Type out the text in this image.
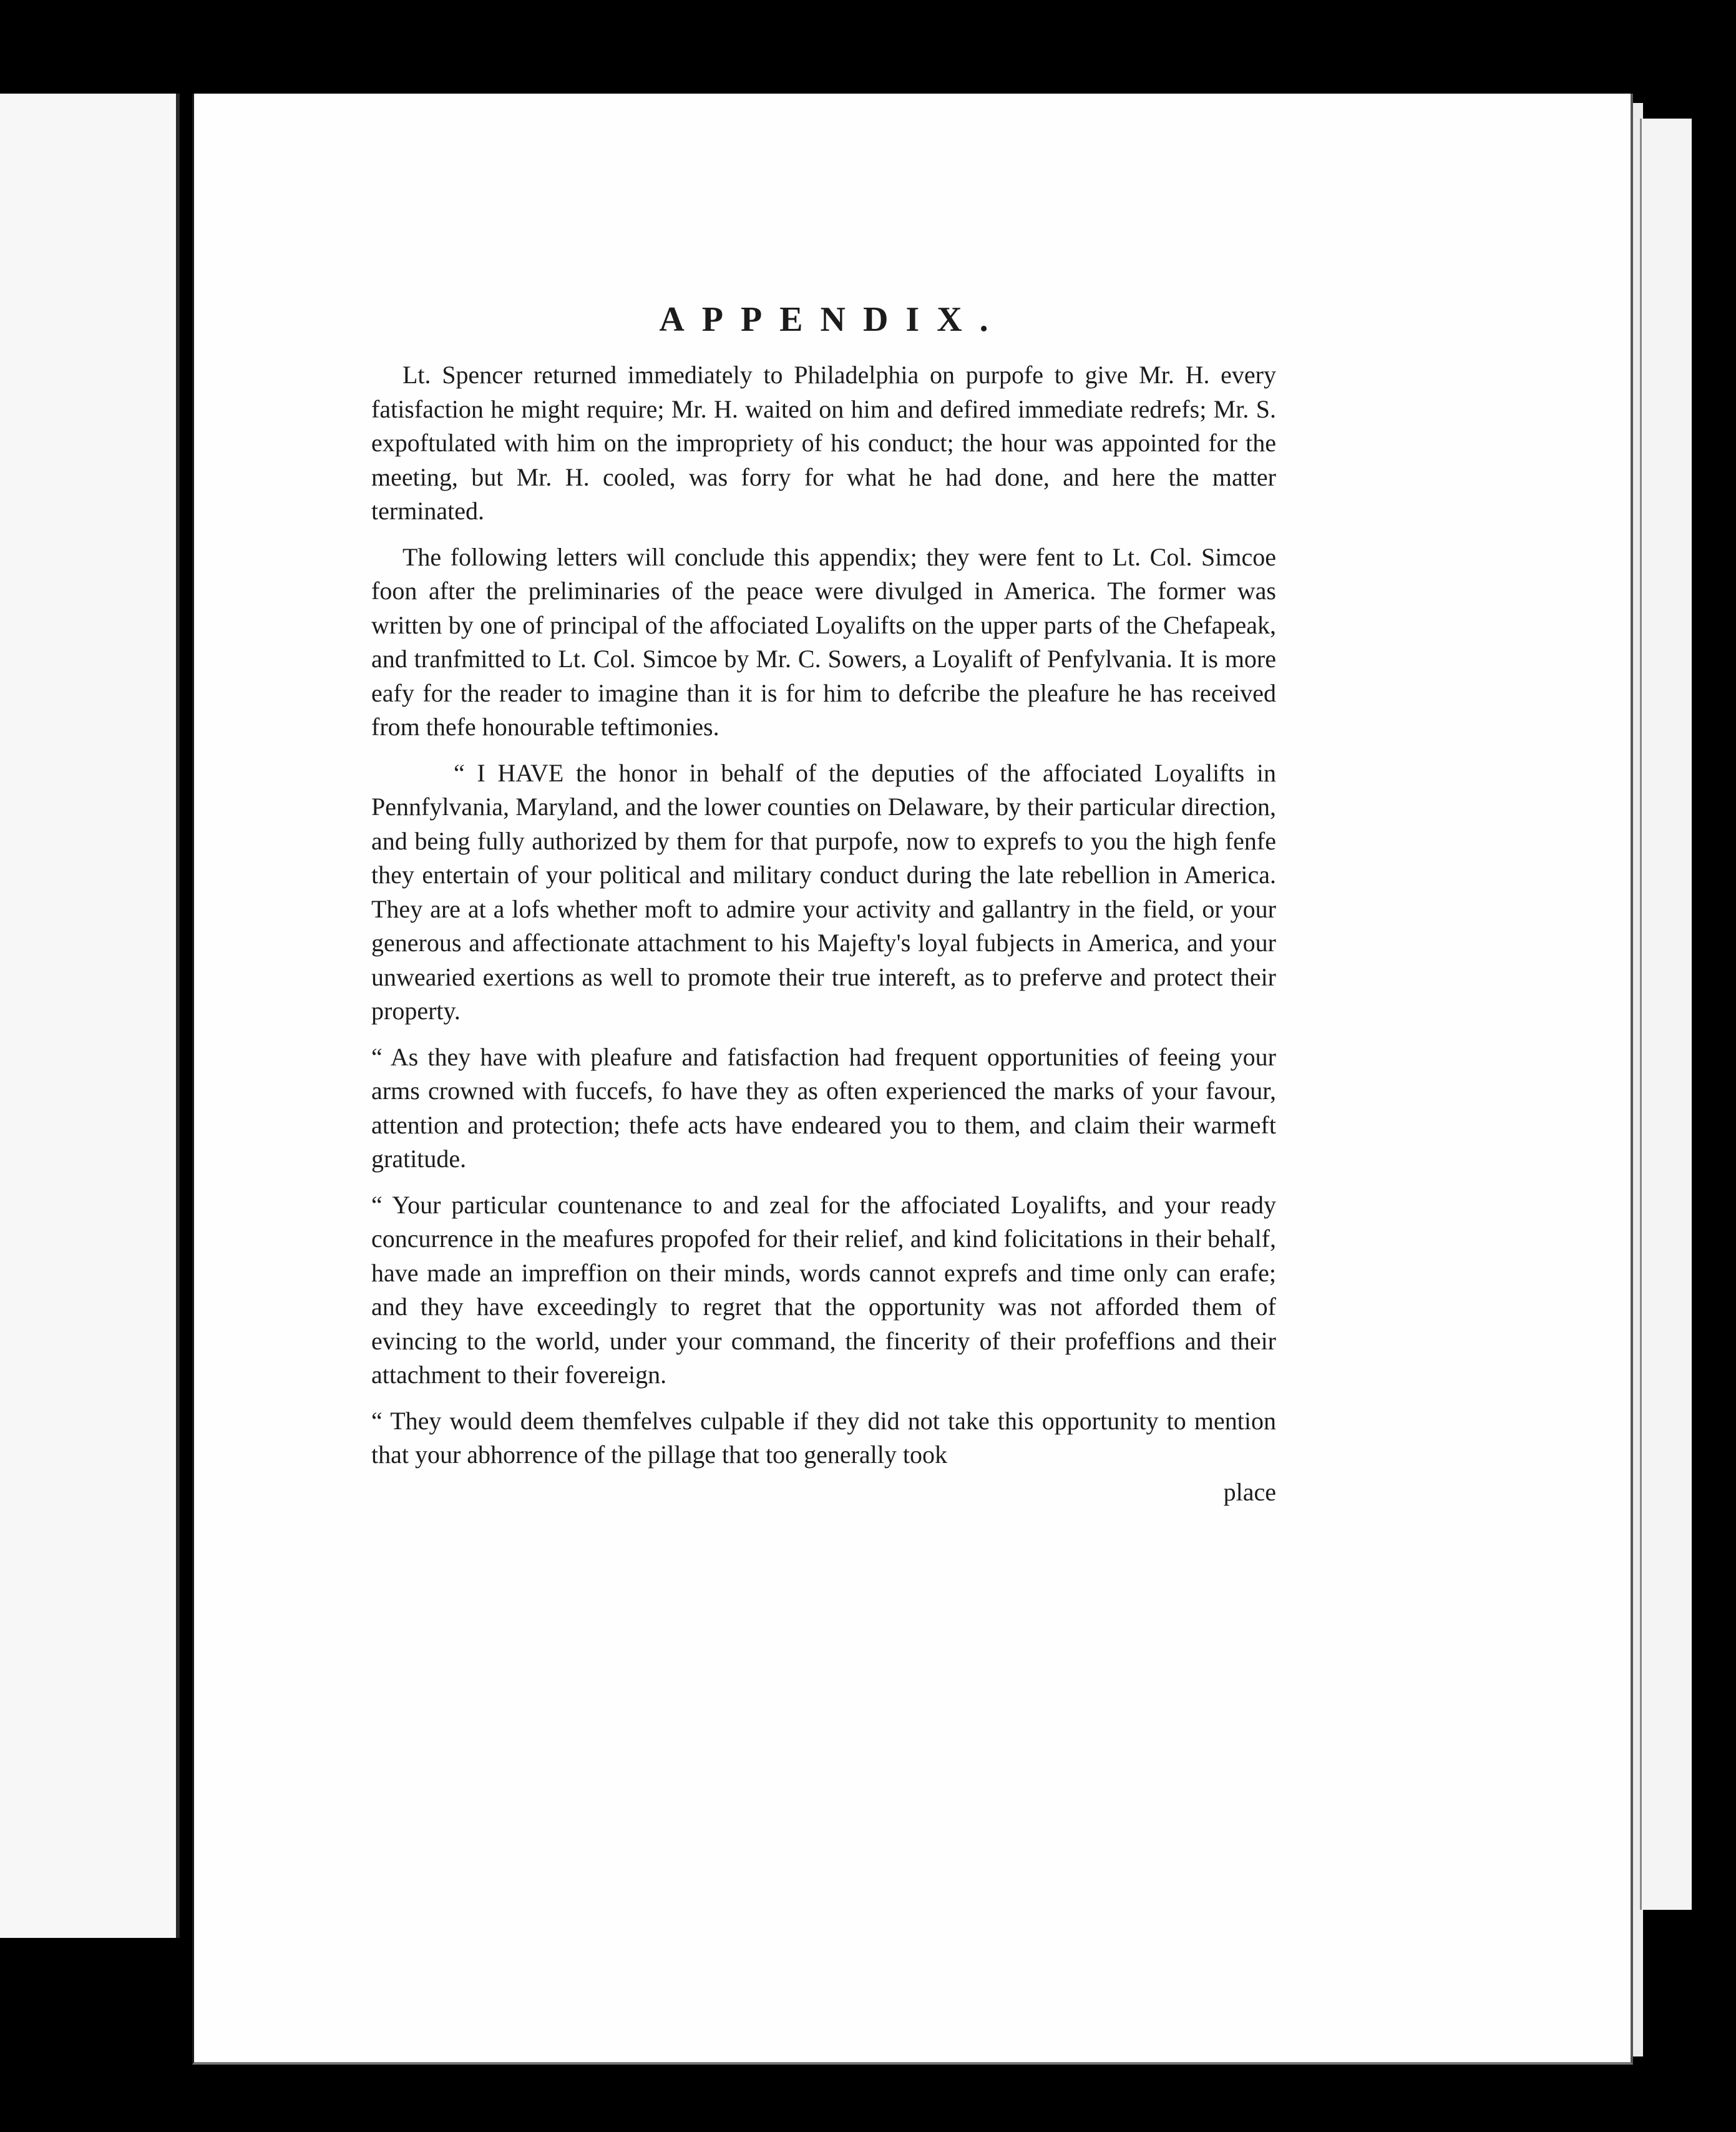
APPENDIX.

Lt. Spencer returned immediately to Philadelphia on purpofe to give Mr. H. every fatisfaction he might require; Mr. H. waited on him and defired immediate redrefs; Mr. S. expoftulated with him on the impropriety of his conduct; the hour was appointed for the meeting, but Mr. H. cooled, was forry for what he had done, and here the matter terminated.

The following letters will conclude this appendix; they were fent to Lt. Col. Simcoe foon after the preliminaries of the peace were divulged in America. The former was written by one of principal of the affociated Loyalifts on the upper parts of the Chefapeak, and tranfmitted to Lt. Col. Simcoe by Mr. C. Sowers, a Loyalift of Penfylvania. It is more eafy for the reader to imagine than it is for him to defcribe the pleafure he has received from thefe honourable teftimonies.

“ I HAVE the honor in behalf of the deputies of the affociated Loyalifts in Pennfylvania, Maryland, and the lower counties on Delaware, by their particular direction, and being fully authorized by them for that purpofe, now to exprefs to you the high fenfe they entertain of your political and military conduct during the late rebellion in America. They are at a lofs whether moft to admire your activity and gallantry in the field, or your generous and affectionate attachment to his Majefty's loyal fubjects in America, and your unwearied exertions as well to promote their true intereft, as to preferve and protect their property.

“ As they have with pleafure and fatisfaction had frequent opportunities of feeing your arms crowned with fuccefs, fo have they as often experienced the marks of your favour, attention and protection; thefe acts have endeared you to them, and claim their warmeft gratitude.

“ Your particular countenance to and zeal for the affociated Loyalifts, and your ready concurrence in the meafures propofed for their relief, and kind folicitations in their behalf, have made an impreffion on their minds, words cannot exprefs and time only can erafe; and they have exceedingly to regret that the opportunity was not afforded them of evincing to the world, under your command, the fincerity of their profeffions and their attachment to their fovereign.

“ They would deem themfelves culpable if they did not take this opportunity to mention that your abhorrence of the pillage that too generally took

place
